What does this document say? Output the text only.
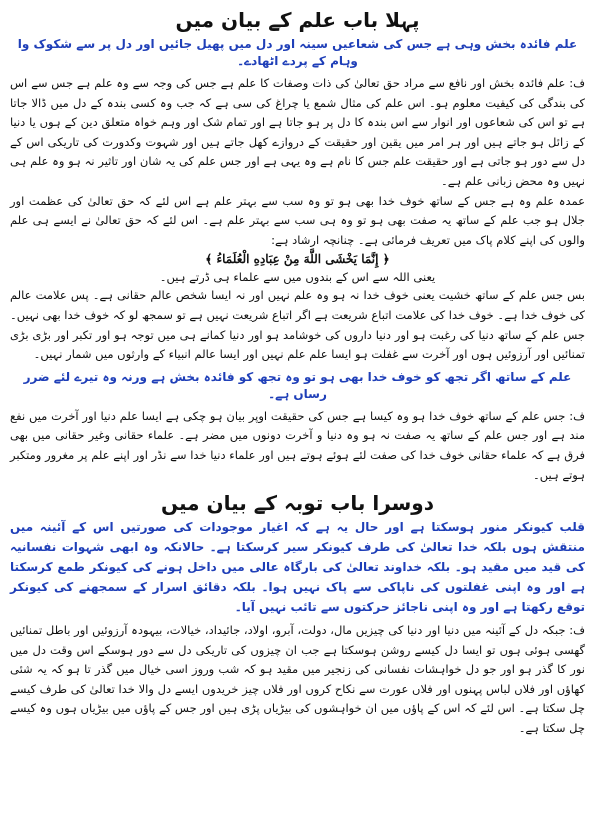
پہلا باب علم کے بیان میں

علم فائدہ بخش وہی ہے جس کی شعاعیں سینہ اور دل میں پھیل جائیں اور دل پر سے شکوک وا وہام کے پردے اٹھادے۔

ف: علم فائدہ بخش اور نافع سے مراد حق تعالیٰ کی ذات وصفات کا علم ہے جس کی وجہ سے وہ علم ہے جس سے اس کی بندگی کی کیفیت معلوم ہو۔ اس علم کی مثال شمع یا چراغ کی سی ہے کہ جب وہ کسی بندہ کے دل میں ڈالا جاتا ہے تو اس کی شعاعوں اور انوار سے اس بندہ کا دل پر ہو جاتا ہے اور تمام شک اور وہم خواہ متعلق دین کے ہوں یا دنیا کے زائل ہو جاتے ہیں اور ہر امر میں یقین اور حقیقت کے دروازے کھل جاتے ہیں اور شہوت وکدورت کی تاریکی اس کے دل سے دور ہو جاتی ہے اور حقیقت علم جس کا نام ہے وہ یہی ہے اور جس علم کی یہ شان اور تاثیر نہ ہو وہ علم ہی نہیں وہ محض زبانی علم ہے۔

عمدہ علم وہ ہے جس کے ساتھ خوف خدا بھی ہو تو وہ سب سے بہتر علم ہے اس لئے کہ حق تعالیٰ کی عظمت اور جلال ہو جب علم کے ساتھ یہ صفت بھی ہو تو وہ ہی سب سے بہتر علم ہے۔ اس لئے کہ حق تعالیٰ نے ایسے ہی علم والوں کی اپنے کلام پاک میں تعریف فرمائی ہے۔ چنانچہ ارشاد ہے:

﴿ إِنَّمَا يَخْشَى اللَّهَ مِنْ عِبَادِهِ الْعُلَمَاءُ ﴾

یعنی اللہ سے اس کے بندوں میں سے علماء ہی ڈرتے ہیں۔

بس جس علم کے ساتھ خشیت یعنی خوف خدا نہ ہو وہ علم نہیں اور نہ ایسا شخص عالم حقانی ہے۔ پس علامت عالم کی خوف خدا ہے۔ خوف خدا کی علامت اتباع شریعت ہے اگر اتباع شریعت نہیں ہے تو سمجھ لو کہ خوف خدا بھی نہیں۔ جس علم کے ساتھ دنیا کی رغبت ہو اور دنیا داروں کی خوشامد ہو اور دنیا کمانے ہی میں توجہ ہو اور تکبر اور بڑی بڑی تمنائیں اور آرزوئیں ہوں اور آخرت سے غفلت ہو ایسا علم علم نہیں اور ایسا عالم انبیاء کے وارثوں میں شمار نہیں۔

علم کے ساتھ اگر تجھ کو خوف خدا بھی ہو تو وہ تجھ کو فائدہ بخش ہے ورنہ وہ تیرے لئے ضرر رساں ہے۔

ف: جس علم کے ساتھ خوف خدا ہو وہ کیسا ہے جس کی حقیقت اوپر بیان ہو چکی ہے ایسا علم دنیا اور آخرت میں نفع مند ہے اور جس علم کے ساتھ یہ صفت نہ ہو وہ دنیا و آخرت دونوں میں مضر ہے۔ علماء حقانی وغیر حقانی میں بھی فرق ہے کہ علماء حقانی خوف خدا کی صفت لئے ہوئے ہوتے ہیں اور علماء دنیا خدا سے نڈر اور اپنے علم پر مغرور ومتکبر ہوتے ہیں۔

دوسرا باب توبہ کے بیان میں

قلب کیونکر منور ہوسکتا ہے اور حال یہ ہے کہ اغیار موجودات کی صورتیں اس کے آئینہ میں منتقش ہوں بلکہ خدا تعالیٰ کی طرف کیونکر سیر کرسکتا ہے۔ حالانکہ وہ ابھی شہوات نفسانیہ کی قید میں مقید ہو۔ بلکہ خداوند تعالیٰ کی بارگاہ عالی میں داخل ہونے کی کیونکر طمع کرسکتا ہے اور وہ اپنی غفلتوں کی ناپاکی سے پاک نہیں ہوا۔ بلکہ دقائق اسرار کے سمجھنے کی کیونکر توقع رکھتا ہے اور وہ اپنی ناجائز حرکتوں سے تائب نہیں آیا۔

ف: جبکہ دل کے آئینہ میں دنیا اور دنیا کی چیزیں مال، دولت، آبرو، اولاد، جائیداد، خیالات، بیہودہ آرزوئیں اور باطل تمنائیں گھسی ہوئی ہوں تو ایسا دل کیسے روشن ہوسکتا ہے جب ان چیزوں کی تاریکی دل سے دور ہوسکے اس وقت دل میں نور کا گذر ہو اور جو دل خواہشات نفسانی کی زنجیر میں مقید ہو کہ شب وروز اسی خیال میں گذر تا ہو کہ یہ شئی کھاؤں اور فلاں لباس پہنوں اور فلاں عورت سے نکاح کروں اور فلاں چیز خریدوں ایسے دل والا خدا تعالیٰ کی طرف کیسے چل سکتا ہے۔ اس لئے کہ اس کے پاؤں میں ان خواہشوں کی بیڑیاں پڑی ہیں اور جس کے پاؤں میں بیڑیاں ہوں وہ کیسے چل سکتا ہے۔
